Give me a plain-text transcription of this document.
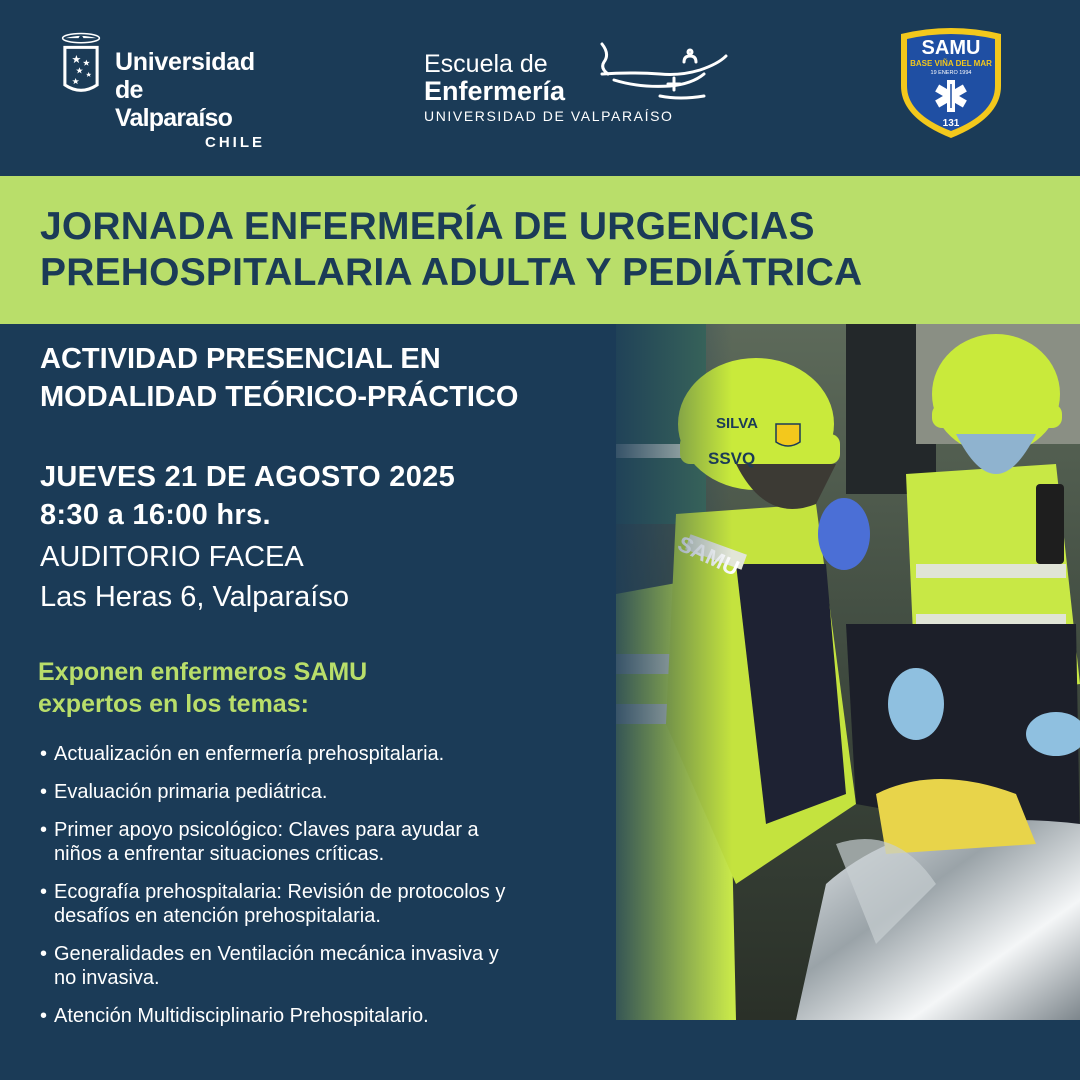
Universidad
de Valparaíso
CHILE
Escuela de
Enfermería
UNIVERSIDAD DE VALPARAÍSO
SAMU
BASE VIÑA DEL MAR
19 ENERO 1994
131
JORNADA ENFERMERÍA DE URGENCIAS
PREHOSPITALARIA ADULTA Y PEDIÁTRICA
ACTIVIDAD PRESENCIAL EN
MODALIDAD TEÓRICO-PRÁCTICO
JUEVES 21 DE AGOSTO 2025
8:30 a 16:00 hrs.
AUDITORIO FACEA
Las Heras 6, Valparaíso
Exponen enfermeros SAMU
expertos en los temas:
• Actualización en enfermería prehospitalaria.
• Evaluación primaria pediátrica.
• Primer apoyo psicológico: Claves para ayudar a
niños a enfrentar situaciones críticas.
• Ecografía prehospitalaria: Revisión de protocolos y
desafíos en atención prehospitalaria.
• Generalidades en Ventilación mecánica invasiva y
no invasiva.
• Atención Multidisciplinario Prehospitalario.
